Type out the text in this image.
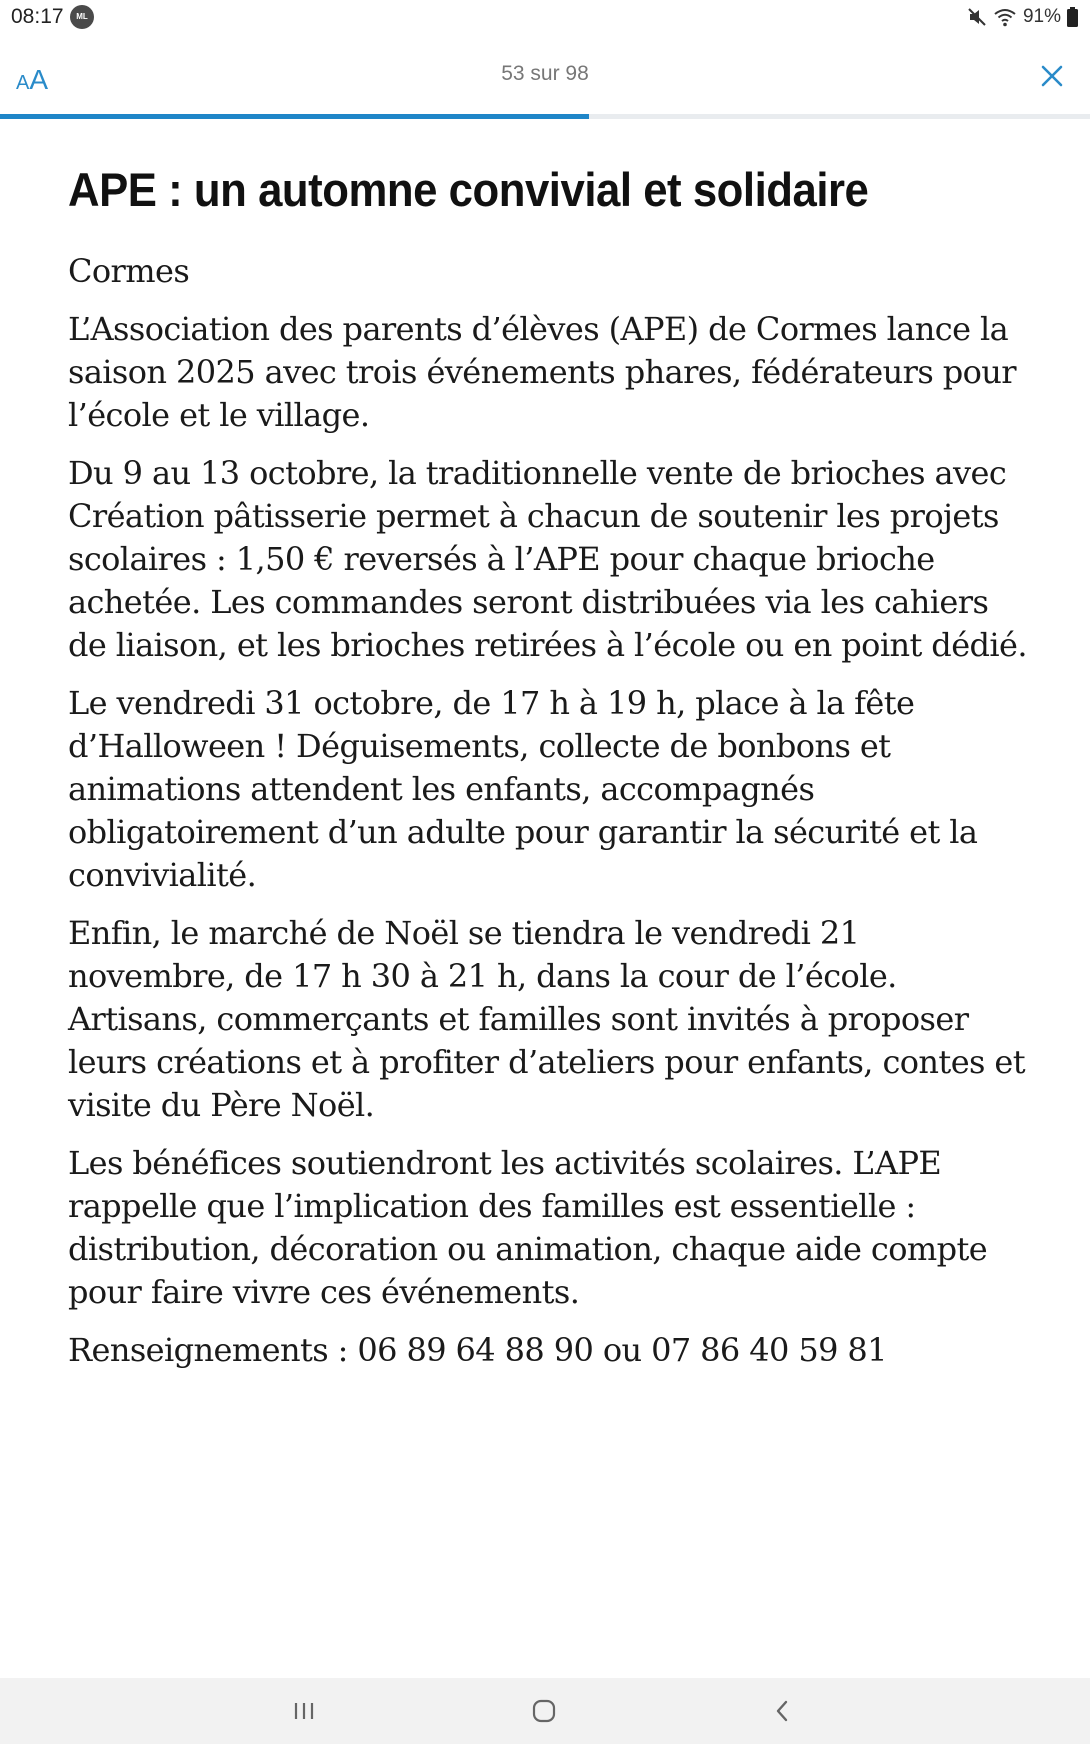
08:17	ML	91%
A A	53 sur 98
APE : un automne convivial et solidaire

Cormes

L’Association des parents d’élèves (APE) de Cormes lance la saison 2025 avec trois événements phares, fédérateurs pour l’école et le village.

Du 9 au 13 octobre, la traditionnelle vente de brioches avec Création pâtisserie permet à chacun de soutenir les projets scolaires : 1,50 € reversés à l’APE pour chaque brioche achetée. Les commandes seront distribuées via les cahiers de liaison, et les brioches retirées à l’école ou en point dédié.

Le vendredi 31 octobre, de 17 h à 19 h, place à la fête d’Halloween ! Déguisements, collecte de bonbons et animations attendent les enfants, accompagnés obligatoirement d’un adulte pour garantir la sécurité et la convivialité.

Enfin, le marché de Noël se tiendra le vendredi 21 novembre, de 17 h 30 à 21 h, dans la cour de l’école. Artisans, commerçants et familles sont invités à proposer leurs créations et à profiter d’ateliers pour enfants, contes et visite du Père Noël.

Les bénéfices soutiendront les activités scolaires. L’APE rappelle que l’implication des familles est essentielle : distribution, décoration ou animation, chaque aide compte pour faire vivre ces événements.

Renseignements : 06 89 64 88 90 ou 07 86 40 59 81
